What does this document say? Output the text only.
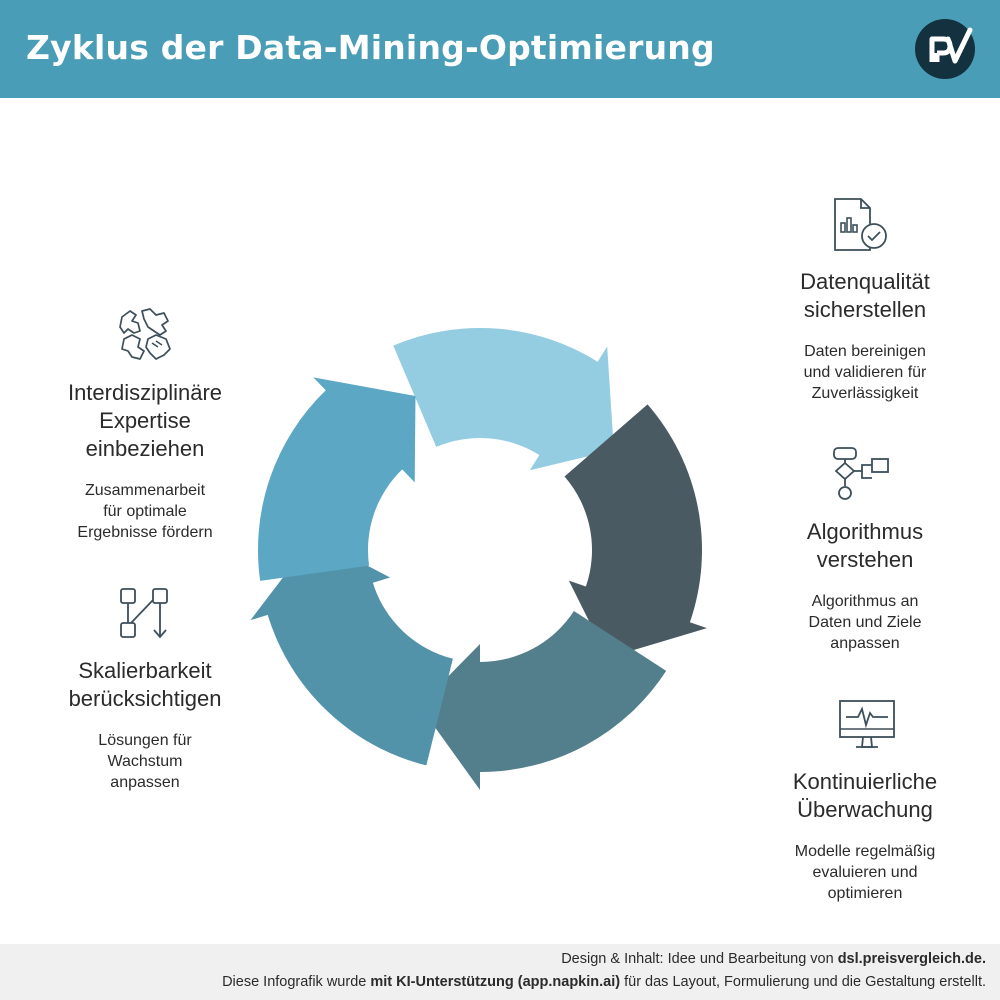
Zyklus der Data-Mining-Optimierung
Datenqualität
sicherstellen
Daten bereinigen
und validieren für
Zuverlässigkeit
Algorithmus
verstehen
Algorithmus an
Daten und Ziele
anpassen
Kontinuierliche
Überwachung
Modelle regelmäßig
evaluieren und
optimieren
Interdisziplinäre
Expertise
einbeziehen
Zusammenarbeit
für optimale
Ergebnisse fördern
Skalierbarkeit
berücksichtigen
Lösungen für
Wachstum
anpassen
Design & Inhalt: Idee und Bearbeitung von dsl.preisvergleich.de.
Diese Infografik wurde mit KI-Unterstützung (app.napkin.ai) für das Layout, Formulierung und die Gestaltung erstellt.
